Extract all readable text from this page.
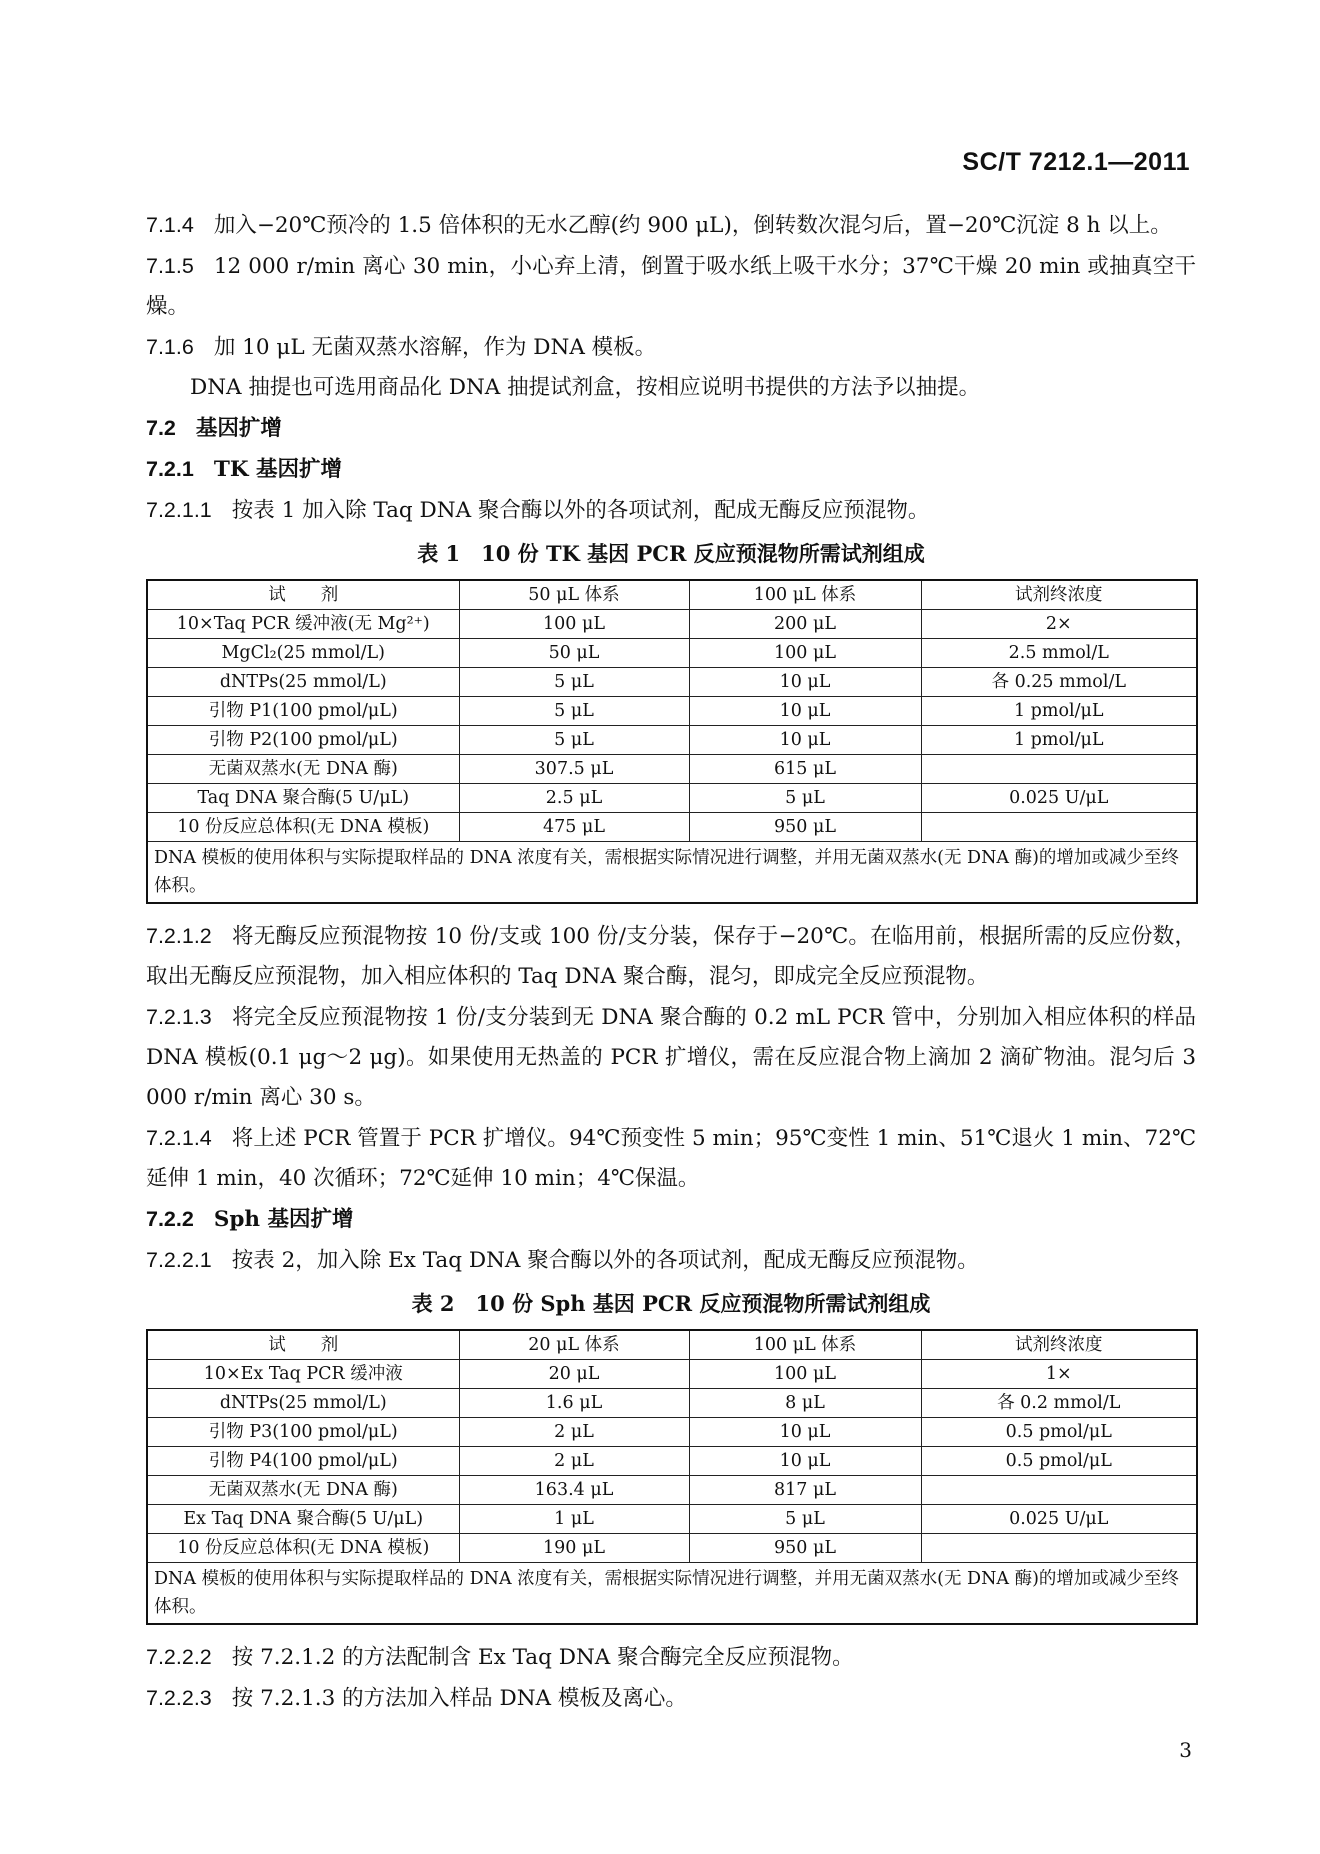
SC/T 7212.1—2011

7.1.4 加入−20℃预冷的 1.5 倍体积的无水乙醇(约 900 μL)，倒转数次混匀后，置−20℃沉淀 8 h 以上。

7.1.5 12 000 r/min 离心 30 min，小心弃上清，倒置于吸水纸上吸干水分；37℃干燥 20 min 或抽真空干燥。

7.1.6 加 10 μL 无菌双蒸水溶解，作为 DNA 模板。

DNA 抽提也可选用商品化 DNA 抽提试剂盒，按相应说明书提供的方法予以抽提。

7.2 基因扩增

7.2.1 TK 基因扩增

7.2.1.1 按表 1 加入除 Taq DNA 聚合酶以外的各项试剂，配成无酶反应预混物。

表 1　10 份 TK 基因 PCR 反应预混物所需试剂组成
试　　剂	50 μL 体系	100 μL 体系	试剂终浓度
10×Taq PCR 缓冲液(无 Mg²⁺)	100 μL	200 μL	2×
MgCl₂(25 mmol/L)	50 μL	100 μL	2.5 mmol/L
dNTPs(25 mmol/L)	5 μL	10 μL	各 0.25 mmol/L
引物 P1(100 pmol/μL)	5 μL	10 μL	1 pmol/μL
引物 P2(100 pmol/μL)	5 μL	10 μL	1 pmol/μL
无菌双蒸水(无 DNA 酶)	307.5 μL	615 μL	
Taq DNA 聚合酶(5 U/μL)	2.5 μL	5 μL	0.025 U/μL
10 份反应总体积(无 DNA 模板)	475 μL	950 μL	
DNA 模板的使用体积与实际提取样品的 DNA 浓度有关，需根据实际情况进行调整，并用无菌双蒸水(无 DNA 酶)的增加或减少至终体积。			

7.2.1.2 将无酶反应预混物按 10 份/支或 100 份/支分装，保存于−20℃。在临用前，根据所需的反应份数，取出无酶反应预混物，加入相应体积的 Taq DNA 聚合酶，混匀，即成完全反应预混物。

7.2.1.3 将完全反应预混物按 1 份/支分装到无 DNA 聚合酶的 0.2 mL PCR 管中，分别加入相应体积的样品 DNA 模板(0.1 μg～2 μg)。如果使用无热盖的 PCR 扩增仪，需在反应混合物上滴加 2 滴矿物油。混匀后 3 000 r/min 离心 30 s。

7.2.1.4 将上述 PCR 管置于 PCR 扩增仪。94℃预变性 5 min；95℃变性 1 min、51℃退火 1 min、72℃延伸 1 min，40 次循环；72℃延伸 10 min；4℃保温。

7.2.2 Sph 基因扩增

7.2.2.1 按表 2，加入除 Ex Taq DNA 聚合酶以外的各项试剂，配成无酶反应预混物。

表 2　10 份 Sph 基因 PCR 反应预混物所需试剂组成
试　　剂	20 μL 体系	100 μL 体系	试剂终浓度
10×Ex Taq PCR 缓冲液	20 μL	100 μL	1×
dNTPs(25 mmol/L)	1.6 μL	8 μL	各 0.2 mmol/L
引物 P3(100 pmol/μL)	2 μL	10 μL	0.5 pmol/μL
引物 P4(100 pmol/μL)	2 μL	10 μL	0.5 pmol/μL
无菌双蒸水(无 DNA 酶)	163.4 μL	817 μL	
Ex Taq DNA 聚合酶(5 U/μL)	1 μL	5 μL	0.025 U/μL
10 份反应总体积(无 DNA 模板)	190 μL	950 μL	
DNA 模板的使用体积与实际提取样品的 DNA 浓度有关，需根据实际情况进行调整，并用无菌双蒸水(无 DNA 酶)的增加或减少至终体积。			

7.2.2.2 按 7.2.1.2 的方法配制含 Ex Taq DNA 聚合酶完全反应预混物。

7.2.2.3 按 7.2.1.3 的方法加入样品 DNA 模板及离心。

3
